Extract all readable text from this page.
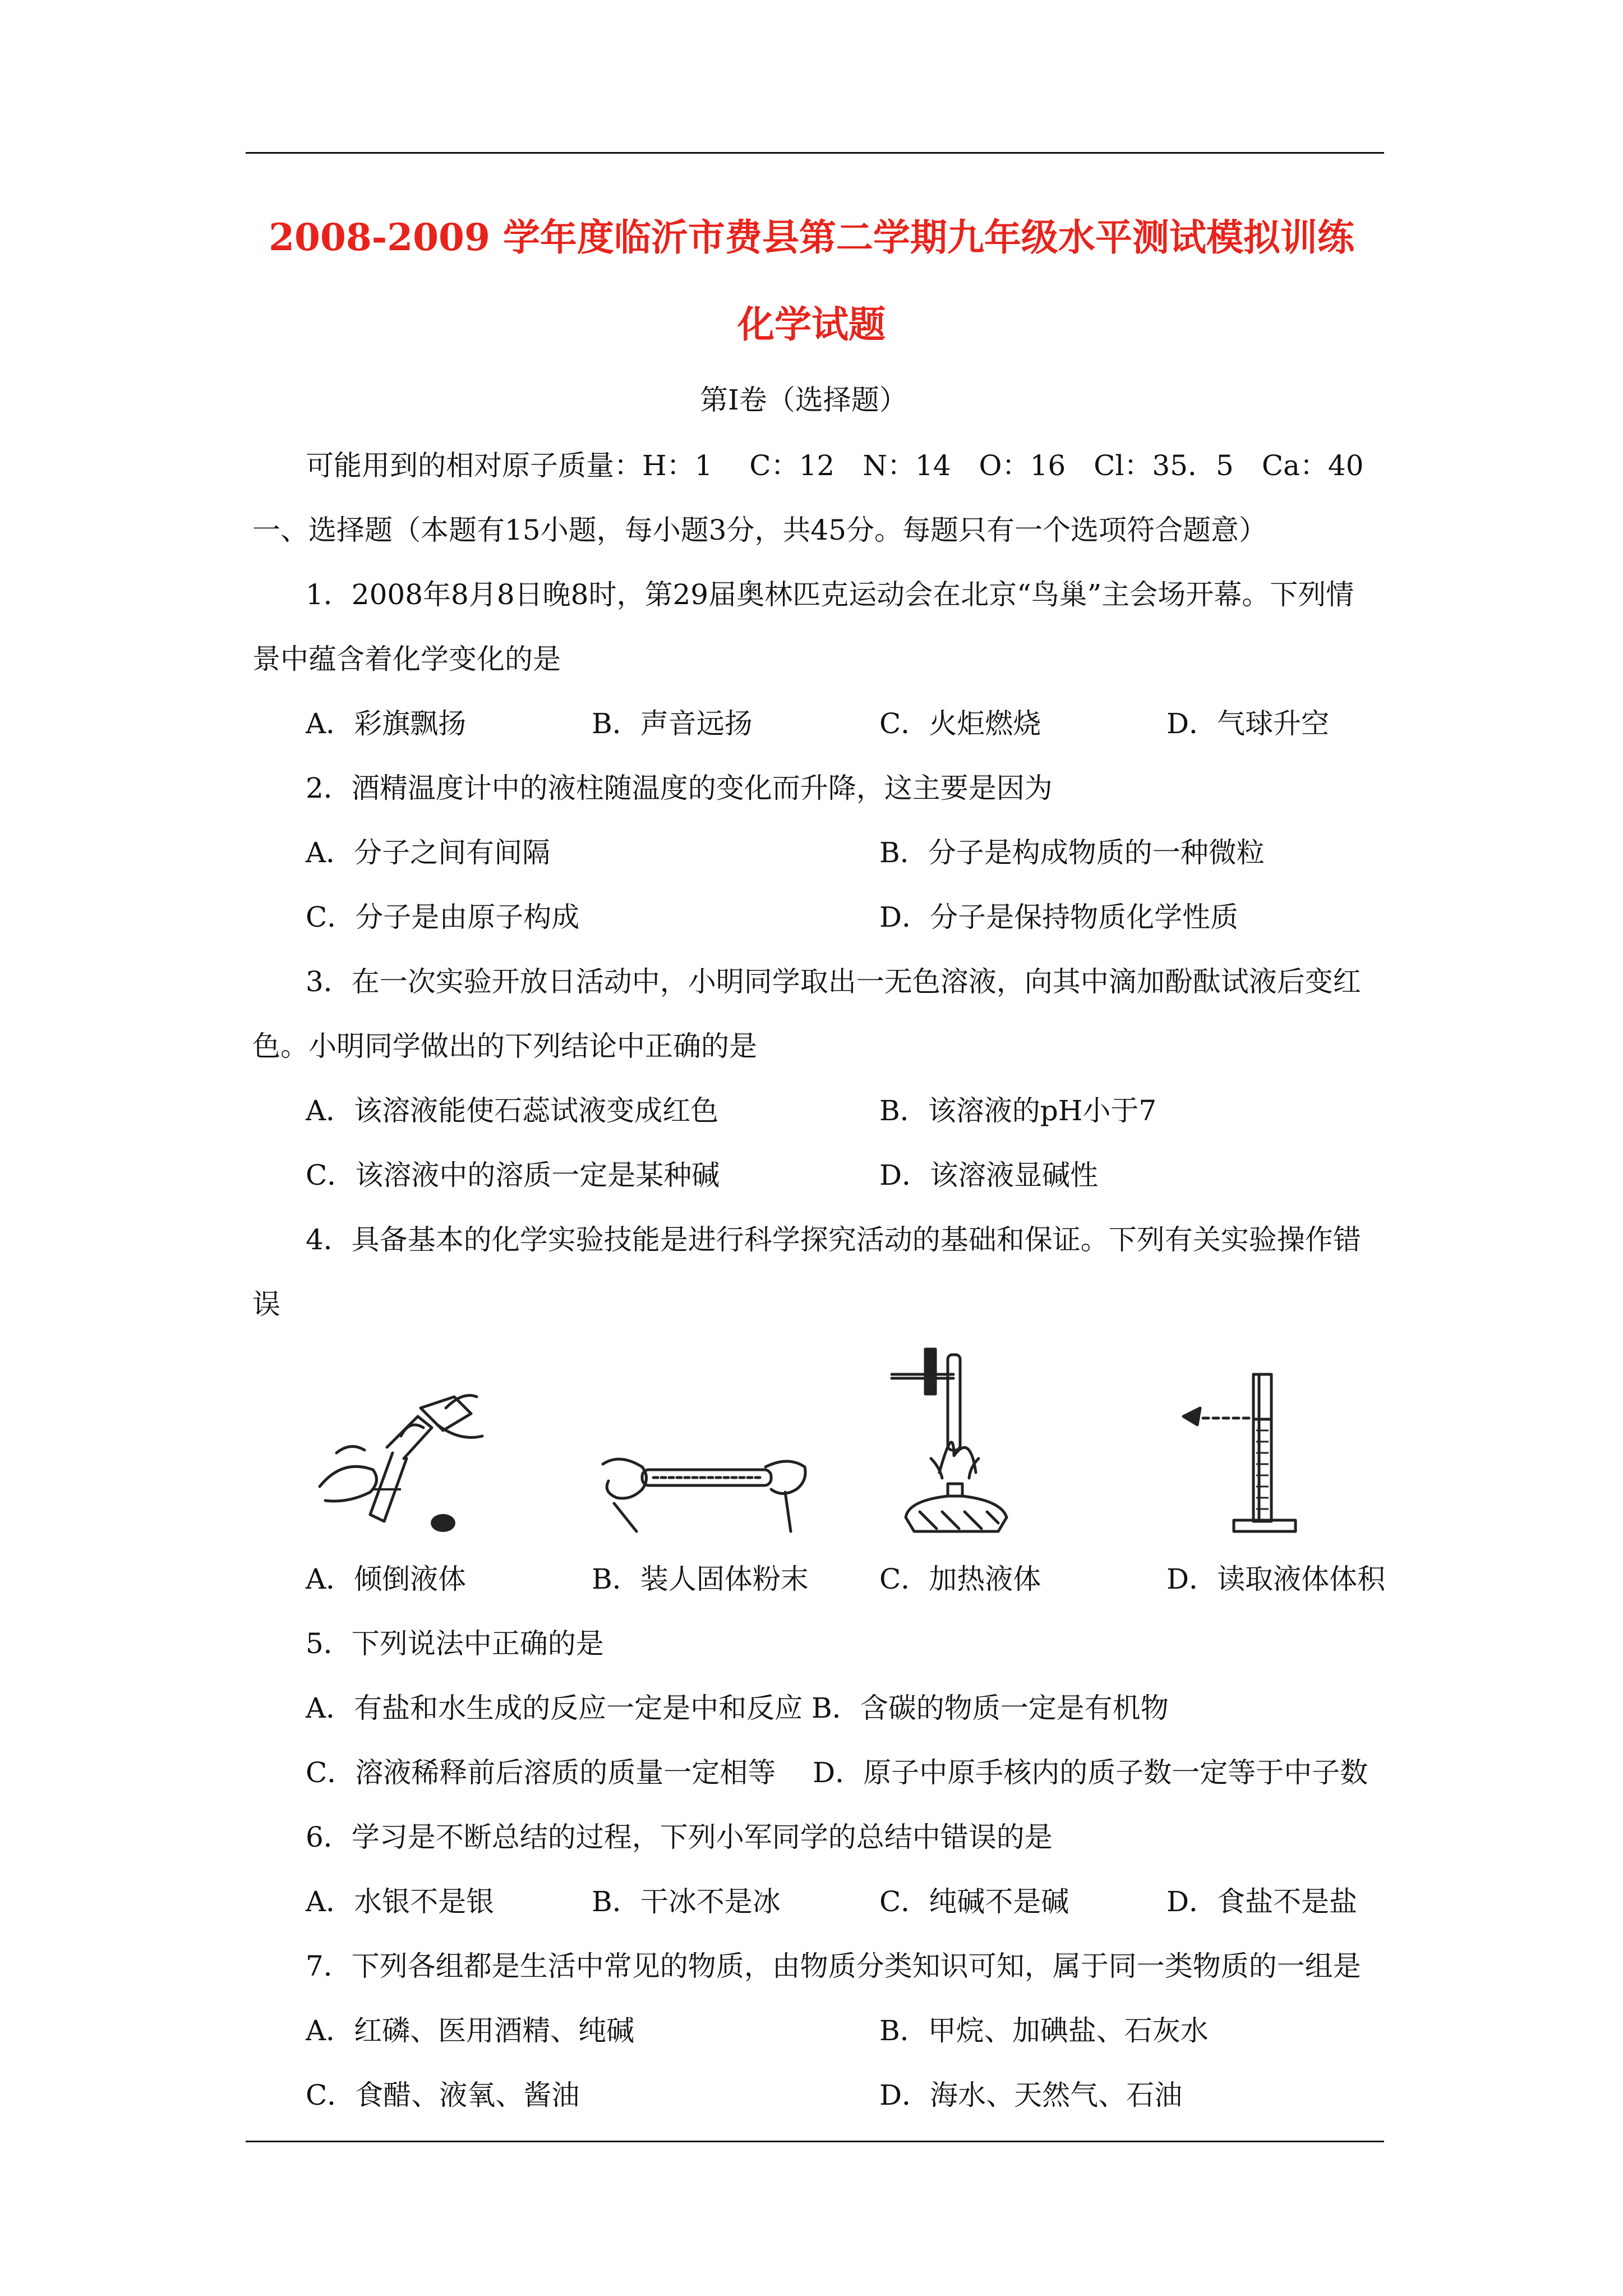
2008-2009 学年度临沂市费县第二学期九年级水平测试模拟训练
化学试题
第Ⅰ卷（选择题）
可能用到的相对原子质量：H：1　 C：12　N：14　O：16　Cl：35．5　Ca：40
一、选择题（本题有15小题，每小题3分，共45分。每题只有一个选项符合题意）
1．2008年8月8日晚8时，第29届奥林匹克运动会在北京“鸟巢”主会场开幕。下列情
景中蕴含着化学变化的是
A．彩旗飘扬	B．声音远扬	C．火炬燃烧	D．气球升空
2．酒精温度计中的液柱随温度的变化而升降，这主要是因为
A．分子之间有间隔	B．分子是构成物质的一种微粒
C．分子是由原子构成	D．分子是保持物质化学性质
3．在一次实验开放日活动中，小明同学取出一无色溶液，向其中滴加酚酞试液后变红
色。小明同学做出的下列结论中正确的是
A．该溶液能使石蕊试液变成红色	B．该溶液的pH小于7
C．该溶液中的溶质一定是某种碱	D．该溶液显碱性
4．具备基本的化学实验技能是进行科学探究活动的基础和保证。下列有关实验操作错
误
A．倾倒液体	B．装人固体粉末	C．加热液体	D．读取液体体积
5．下列说法中正确的是
A．有盐和水生成的反应一定是中和反应 B．含碳的物质一定是有机物
C．溶液稀释前后溶质的质量一定相等　 D．原子中原手核内的质子数一定等于中子数
6．学习是不断总结的过程，下列小军同学的总结中错误的是
A．水银不是银	B．干冰不是冰	C．纯碱不是碱	D．食盐不是盐
7．下列各组都是生活中常见的物质，由物质分类知识可知，属于同一类物质的一组是
A．红磷、医用酒精、纯碱	B．甲烷、加碘盐、石灰水
C．食醋、液氧、酱油	D．海水、天然气、石油
